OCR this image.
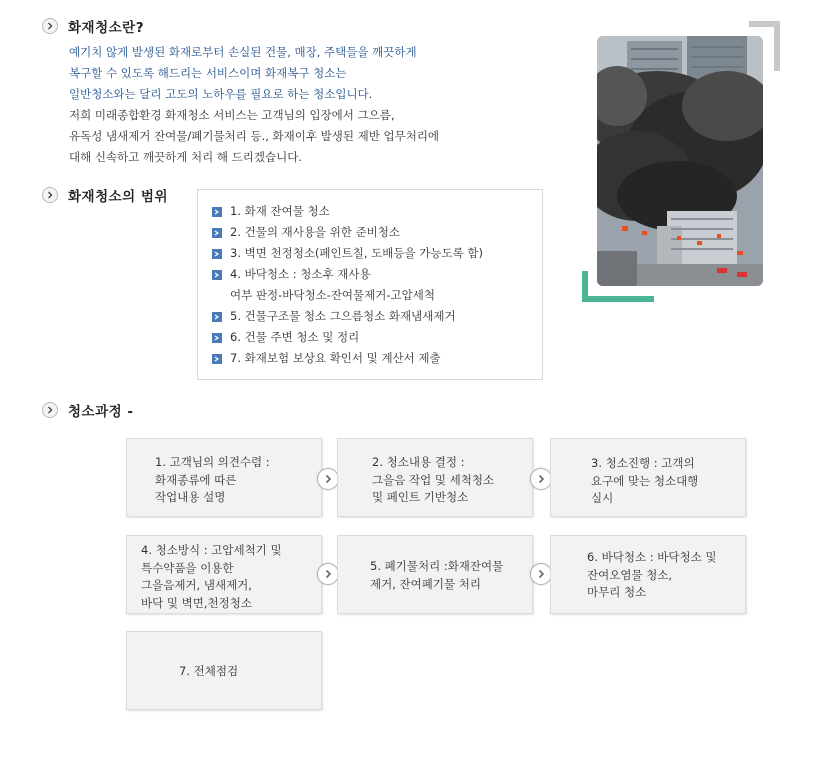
화재청소란?

예기치 않게 발생된 화재로부터 손실된 건물, 매장, 주택들을 깨끗하게

복구할 수 있도록 해드리는 서비스이며 화재복구 청소는

일반청소와는 달리 고도의 노하우를 필요로 하는 청소입니다.

저희 미래종합환경 화재청소 서비스는 고객님의 입장에서 그으름,

유독성 냄새제거 잔여물/폐기물처리 등., 화재이후 발생된 제반 업무처리에

대해 신속하고 깨끗하게 처리 해 드리겠습니다.

화재청소의 범위
1. 화재 잔여물 청소
2. 건물의 재사용을 위한 준비청소
3. 벽면 천정청소(페인트칠, 도배등을 가능도록 함)
4. 바닥청소 : 청소후 재사용
여부 판정-바닥청소-잔여물제거-고압세척
5. 건물구조물 청소 그으름청소 화재냄새제거
6. 건물 주변 청소 및 정리
7. 화재보험 보상요 확인서 및 계산서 제출
청소과정 -
1. 고객님의 의견수렴 :
화재종류에 따른
작업내용 설명
2. 청소내용 결정 :
그을음 작업 및 세척청소
및 페인트 기반청소
3. 청소진행 : 고객의
요구에 맞는 청소대행
실시
4. 청소방식 : 고압세척기 및
특수약품을 이용한
그을음제거, 냄새제거,
바닥 및 벽면,천정청소
5. 폐기물처리 :화재잔여물
제거, 잔여폐기물 처리
6. 바닥청소 : 바닥청소 및
잔여오염물 청소,
마무리 청소
7. 전체점검
